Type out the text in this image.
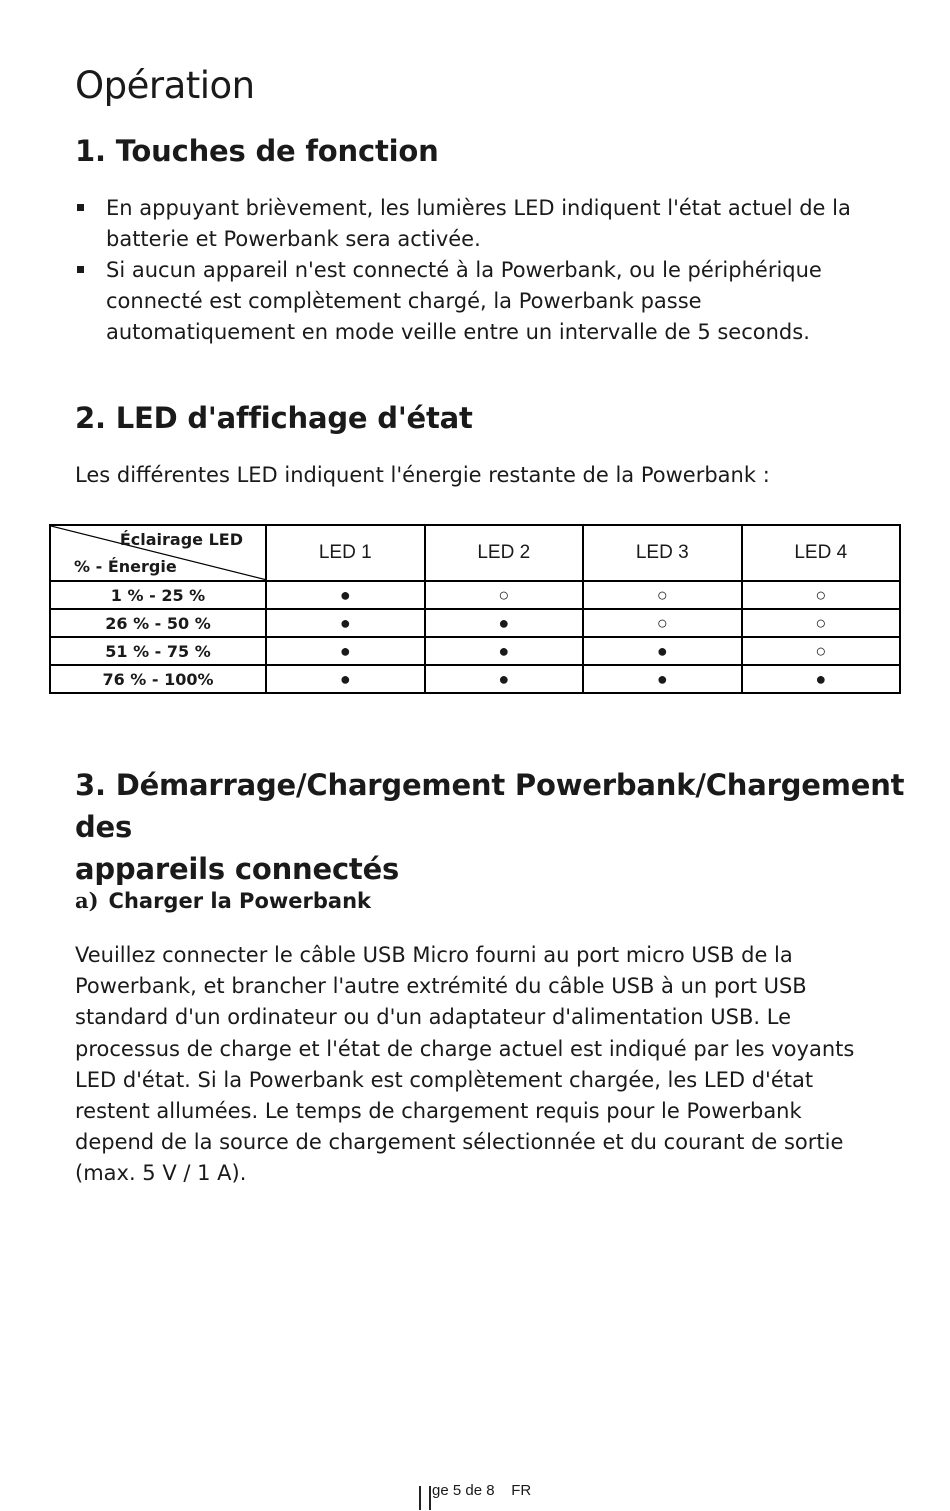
Opération
1. Touches de fonction
En appuyant brièvement, les lumières LED indiquent l'état actuel de la batterie et Powerbank sera activée.
Si aucun appareil n'est connecté à la Powerbank, ou le périphérique connecté est complètement chargé, la Powerbank passe automatiquement en mode veille entre un intervalle de 5 seconds.
2. LED d'affichage d'état

Les différentes LED indiquent l'énergie restante de la Powerbank :

Éclairage LED
% - Énergie	LED 1	LED 2	LED 3	LED 4
1 % - 25 %	●	○	○	○
26 % - 50 %	●	●	○	○
51 % - 75 %	●	●	●	○
76 % - 100%	●	●	●	●
3. Démarrage/Chargement Powerbank/Chargement des
appareils connectés
a) Charger la Powerbank

Veuillez connecter le câble USB Micro fourni au port micro USB de la Powerbank, et brancher l'autre extrémité du câble USB à un port USB standard d'un ordinateur ou d'un adaptateur d'alimentation USB. Le processus de charge et l'état de charge actuel est indiqué par les voyants LED d'état. Si la Powerbank est complètement chargée, les LED d'état restent allumées. Le temps de chargement requis pour le Powerbank depend de la source de chargement sélectionnée et du courant de sortie (max. 5 V / 1 A).

ge 5 de 8 FR
